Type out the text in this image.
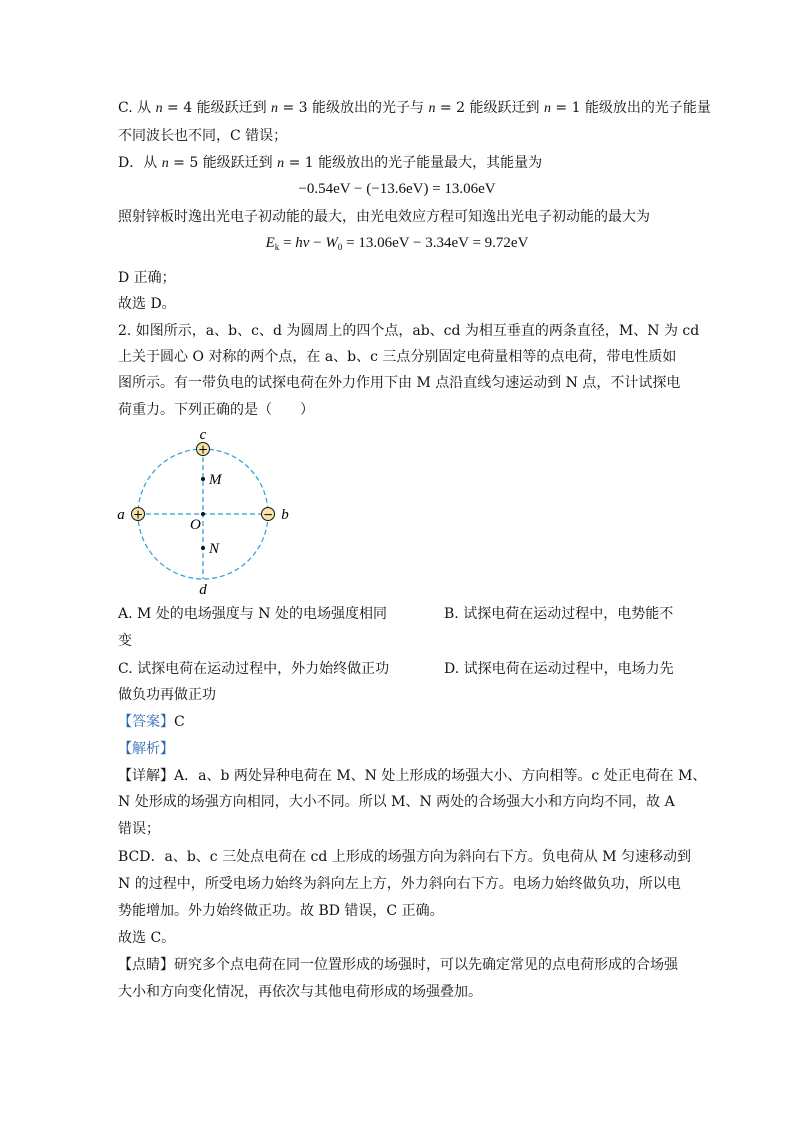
C. 从 n = 4 能级跃迁到 n = 3 能级放出的光子与 n = 2 能级跃迁到 n = 1 能级放出的光子能量
不同波长也不同，C 错误；
D．从 n = 5 能级跃迁到 n = 1 能级放出的光子能量最大，其能量为
−0.54eV − (−13.6eV) = 13.06eV
照射锌板时逸出光电子初动能的最大，由光电效应方程可知逸出光电子初动能的最大为
$E_k = h\nu - W_0 = 13.06eV - 3.34eV = 9.72eV$
D 正确；
故选 D。
2. 如图所示，a、b、c、d 为圆周上的四个点，ab、cd 为相互垂直的两条直径，M、N 为 cd
上关于圆心 O 对称的两个点，在 a、b、c 三点分别固定电荷量相等的点电荷，带电性质如
图所示。有一带负电的试探电荷在外力作用下由 M 点沿直线匀速运动到 N 点，不计试探电
荷重力。下列正确的是（　　）
+
+	−
c
d
a	b
M
N
O
A. M 处的电场强度与 N 处的电场强度相同	B. 试探电荷在运动过程中，电势能不
变
C. 试探电荷在运动过程中，外力始终做正功	D. 试探电荷在运动过程中，电场力先
做负功再做正功
【答案】C
【解析】
【详解】A．a、b 两处异种电荷在 M、N 处上形成的场强大小、方向相等。c 处正电荷在 M、
N 处形成的场强方向相同，大小不同。所以 M、N 两处的合场强大小和方向均不同，故 A
错误；
BCD．a、b、c 三处点电荷在 cd 上形成的场强方向为斜向右下方。负电荷从 M 匀速移动到
N 的过程中，所受电场力始终为斜向左上方，外力斜向右下方。电场力始终做负功，所以电
势能增加。外力始终做正功。故 BD 错误，C 正确。
故选 C。
【点睛】研究多个点电荷在同一位置形成的场强时，可以先确定常见的点电荷形成的合场强
大小和方向变化情况，再依次与其他电荷形成的场强叠加。
